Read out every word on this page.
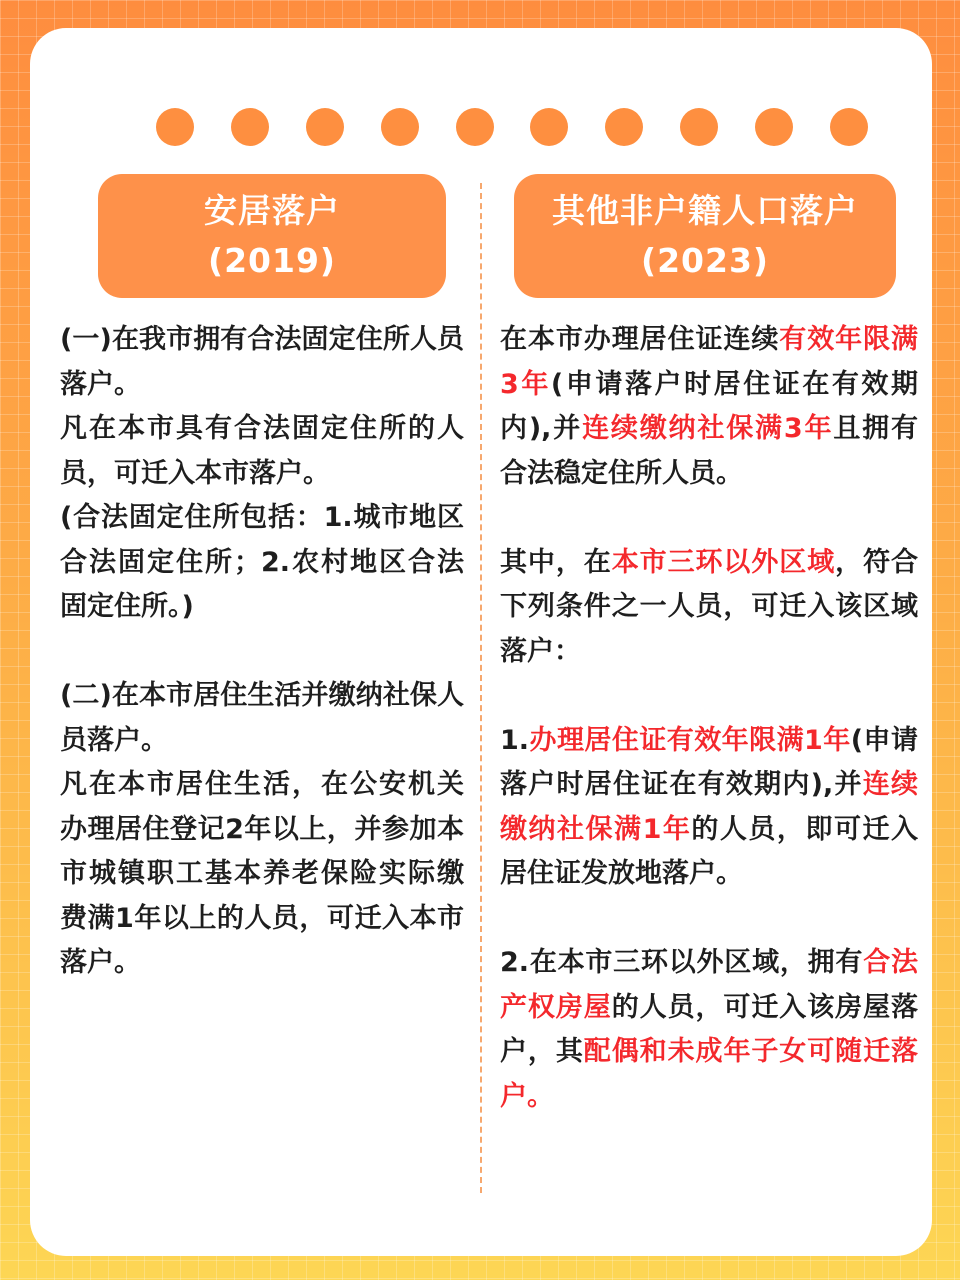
安居落户
(2019)
其他非户籍人口落户
(2023)

(一)在我市拥有合法固定住所人员落户。

凡在本市具有合法固定住所的人员，可迁入本市落户。

(合法固定住所包括：1.城市地区合法固定住所；2.农村地区合法固定住所。)

(二)在本市居住生活并缴纳社保人员落户。

凡在本市居住生活，在公安机关办理居住登记2年以上，并参加本市城镇职工基本养老保险实际缴费满1年以上的人员，可迁入本市落户。

在本市办理居住证连续有效年限满3年(申请落户时居住证在有效期内),并连续缴纳社保满3年且拥有合法稳定住所人员。

其中，在本市三环以外区域，符合下列条件之一人员，可迁入该区域落户：

1.办理居住证有效年限满1年(申请落户时居住证在有效期内),并连续缴纳社保满1年的人员，即可迁入居住证发放地落户。

2.在本市三环以外区域，拥有合法产权房屋的人员，可迁入该房屋落户，其配偶和未成年子女可随迁落户。
